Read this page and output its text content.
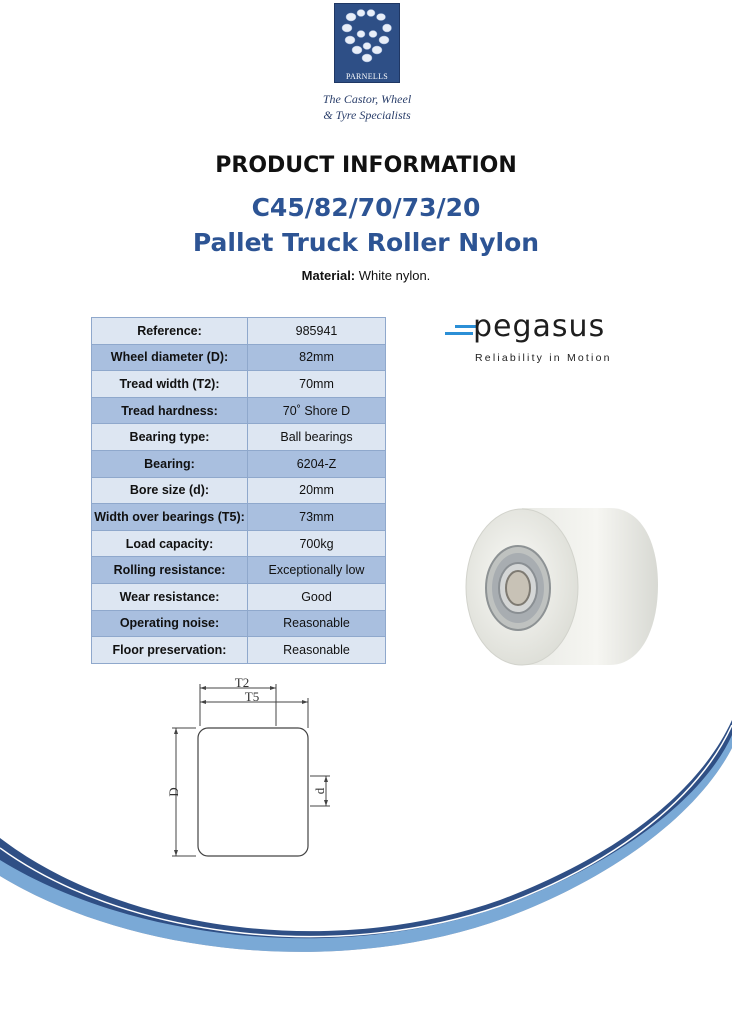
PARNELLS
The Castor, Wheel
& Tyre Specialists
PRODUCT INFORMATION
C45/82/70/73/20
Pallet Truck Roller Nylon
Material: White nylon.
Reference:	985941
Wheel diameter (D):	82mm
Tread width (T2):	70mm
Tread hardness:	70˚ Shore D
Bearing type:	Ball bearings
Bearing:	6204-Z
Bore size (d):	20mm
Width over bearings (T5):	73mm
Load capacity:	700kg
Rolling resistance:	Exceptionally low
Wear resistance:	Good
Operating noise:	Reasonable
Floor preservation:	Reasonable
pegasus
Reliability in Motion
T2
T5
D	d
